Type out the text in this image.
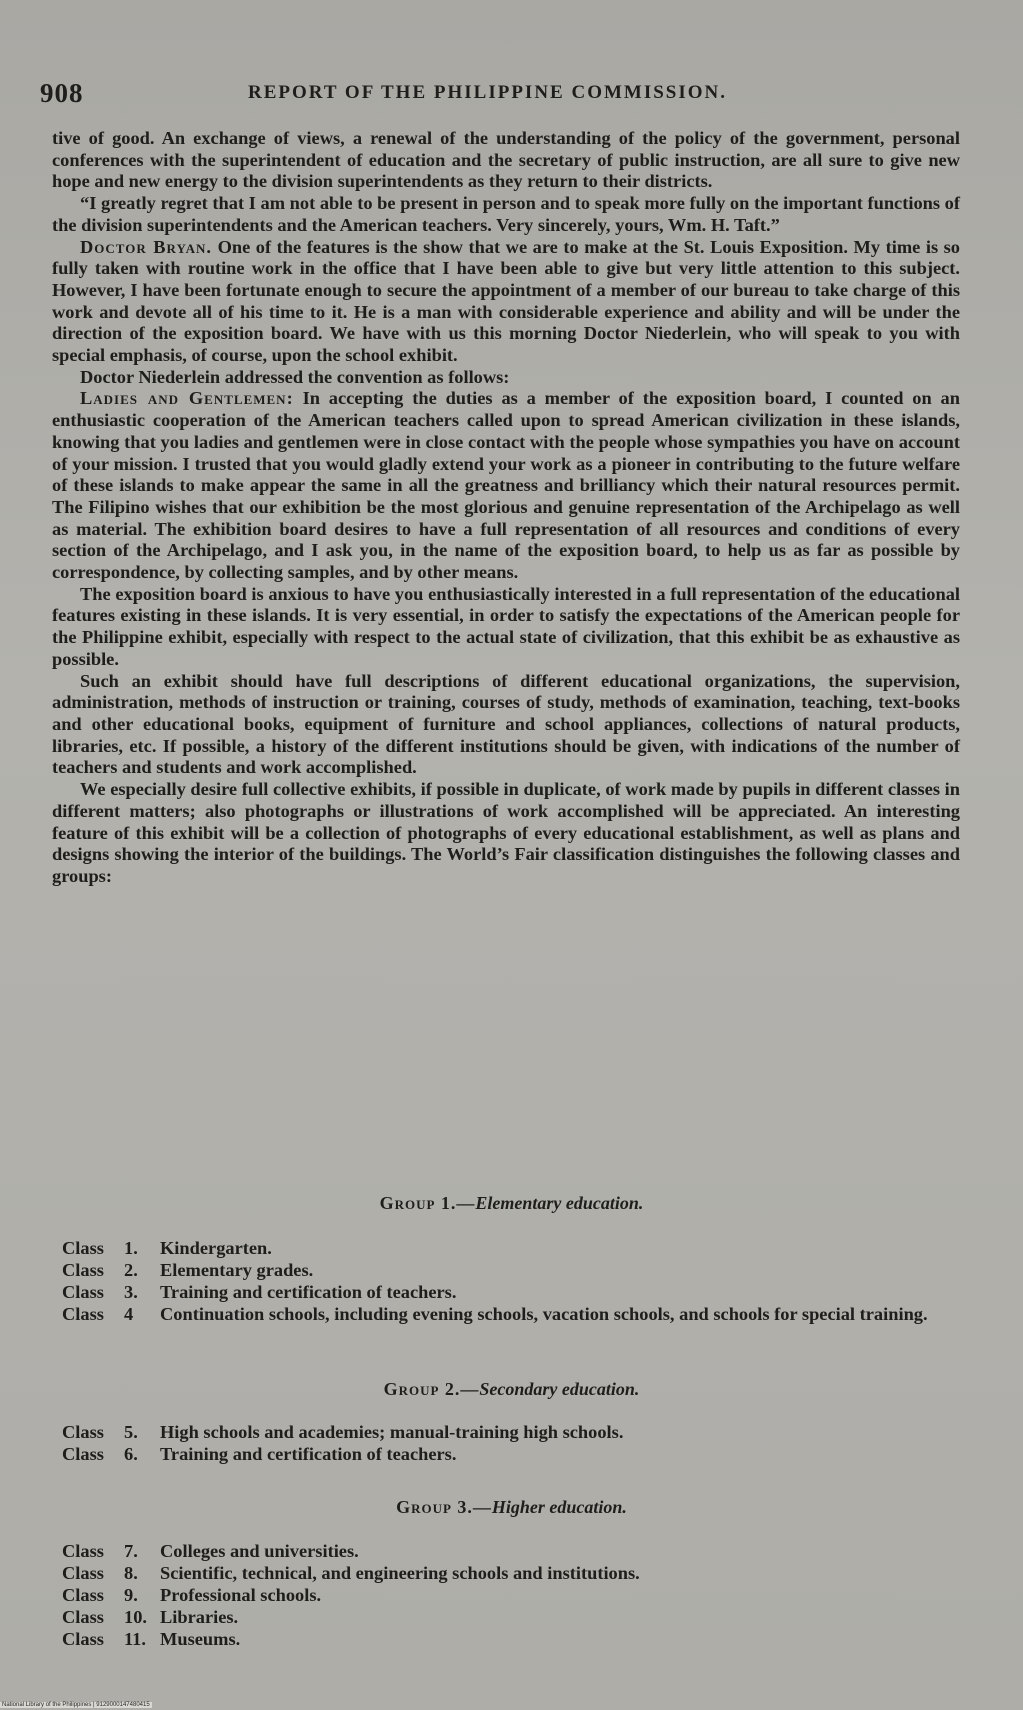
908	REPORT OF THE PHILIPPINE COMMISSION.

tive of good. An exchange of views, a renewal of the understanding of the policy of the government, personal conferences with the superintendent of education and the secretary of public instruction, are all sure to give new hope and new energy to the division superintendents as they return to their districts.

“I greatly regret that I am not able to be present in person and to speak more fully on the important functions of the division superintendents and the American teachers. Very sincerely, yours, Wm. H. Taft.”

Doctor Bryan. One of the features is the show that we are to make at the St. Louis Exposition. My time is so fully taken with routine work in the office that I have been able to give but very little attention to this subject. However, I have been fortunate enough to secure the appointment of a member of our bureau to take charge of this work and devote all of his time to it. He is a man with considerable experience and ability and will be under the direction of the exposition board. We have with us this morning Doctor Niederlein, who will speak to you with special emphasis, of course, upon the school exhibit.

Doctor Niederlein addressed the convention as follows:

Ladies and Gentlemen: In accepting the duties as a member of the exposition board, I counted on an enthusiastic cooperation of the American teachers called upon to spread American civilization in these islands, knowing that you ladies and gentlemen were in close contact with the people whose sympathies you have on account of your mission. I trusted that you would gladly extend your work as a pioneer in contributing to the future welfare of these islands to make appear the same in all the greatness and brilliancy which their natural resources permit. The Filipino wishes that our exhibition be the most glorious and genuine representation of the Archipelago as well as material. The exhibition board desires to have a full representation of all resources and conditions of every section of the Archipelago, and I ask you, in the name of the exposition board, to help us as far as possible by correspondence, by collecting samples, and by other means.

The exposition board is anxious to have you enthusiastically interested in a full representation of the educational features existing in these islands. It is very essential, in order to satisfy the expectations of the American people for the Philippine exhibit, especially with respect to the actual state of civilization, that this exhibit be as exhaustive as possible.

Such an exhibit should have full descriptions of different educational organizations, the supervision, administration, methods of instruction or training, courses of study, methods of examination, teaching, text-books and other educational books, equipment of furniture and school appliances, collections of natural products, libraries, etc. If possible, a history of the different institutions should be given, with indications of the number of teachers and students and work accomplished.

We especially desire full collective exhibits, if possible in duplicate, of work made by pupils in different classes in different matters; also photographs or illustrations of work accomplished will be appreciated. An interesting feature of this exhibit will be a collection of photographs of every educational establishment, as well as plans and designs showing the interior of the buildings. The World’s Fair classification distinguishes the following classes and groups:

Group 1.—Elementary education.
Class	1.	Kindergarten.
Class	2.	Elementary grades.
Class	3.	Training and certification of teachers.
Class	4	Continuation schools, including evening schools, vacation schools, and schools for special training.
Group 2.—Secondary education.
Class	5.	High schools and academies; manual-training high schools.
Class	6.	Training and certification of teachers.
Group 3.—Higher education.
Class	7.	Colleges and universities.
Class	8.	Scientific, technical, and engineering schools and institutions.
Class	9.	Professional schools.
Class	10. Libraries.
Class	11. Museums.
National Library of the Philippines | 9129000147480415
